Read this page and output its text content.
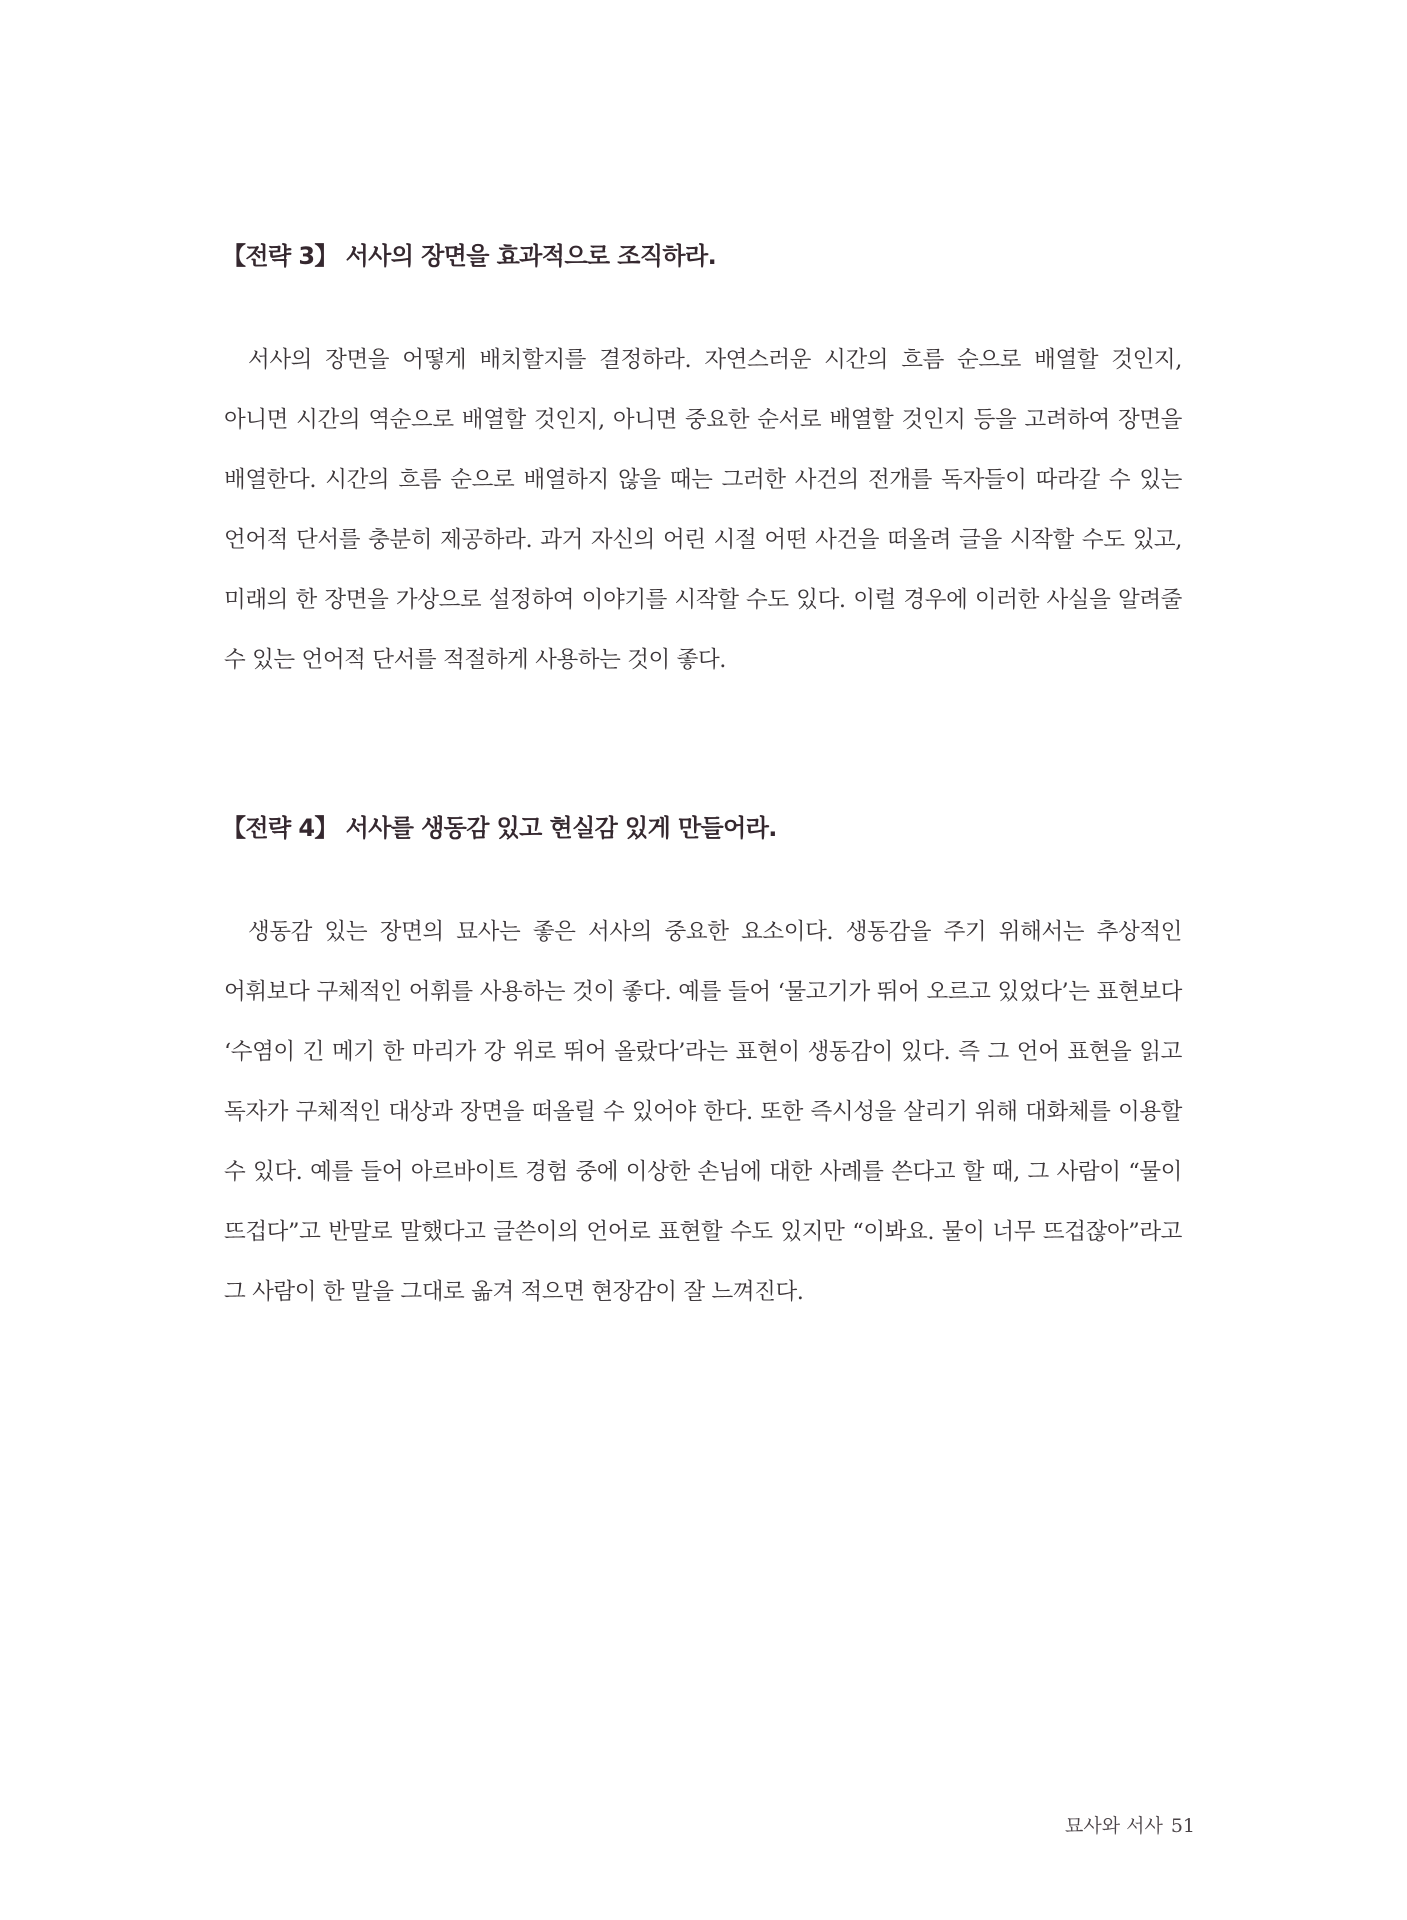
【전략 3】 서사의 장면을 효과적으로 조직하라.

서사의 장면을 어떻게 배치할지를 결정하라. 자연스러운 시간의 흐름 순으로 배열할 것인지, 아니면 시간의 역순으로 배열할 것인지, 아니면 중요한 순서로 배열할 것인지 등을 고려하여 장면을 배열한다. 시간의 흐름 순으로 배열하지 않을 때는 그러한 사건의 전개를 독자들이 따라갈 수 있는 언어적 단서를 충분히 제공하라. 과거 자신의 어린 시절 어떤 사건을 떠올려 글을 시작할 수도 있고, 미래의 한 장면을 가상으로 설정하여 이야기를 시작할 수도 있다. 이럴 경우에 이러한 사실을 알려줄 수 있는 언어적 단서를 적절하게 사용하는 것이 좋다.

【전략 4】 서사를 생동감 있고 현실감 있게 만들어라.

생동감 있는 장면의 묘사는 좋은 서사의 중요한 요소이다. 생동감을 주기 위해서는 추상적인 어휘보다 구체적인 어휘를 사용하는 것이 좋다. 예를 들어 ‘물고기가 뛰어 오르고 있었다’는 표현보다 ‘수염이 긴 메기 한 마리가 강 위로 뛰어 올랐다’라는 표현이 생동감이 있다. 즉 그 언어 표현을 읽고 독자가 구체적인 대상과 장면을 떠올릴 수 있어야 한다. 또한 즉시성을 살리기 위해 대화체를 이용할 수 있다. 예를 들어 아르바이트 경험 중에 이상한 손님에 대한 사례를 쓴다고 할 때, 그 사람이 “물이 뜨겁다”고 반말로 말했다고 글쓴이의 언어로 표현할 수도 있지만 “이봐요. 물이 너무 뜨겁잖아”라고 그 사람이 한 말을 그대로 옮겨 적으면 현장감이 잘 느껴진다.

묘사와 서사 51
